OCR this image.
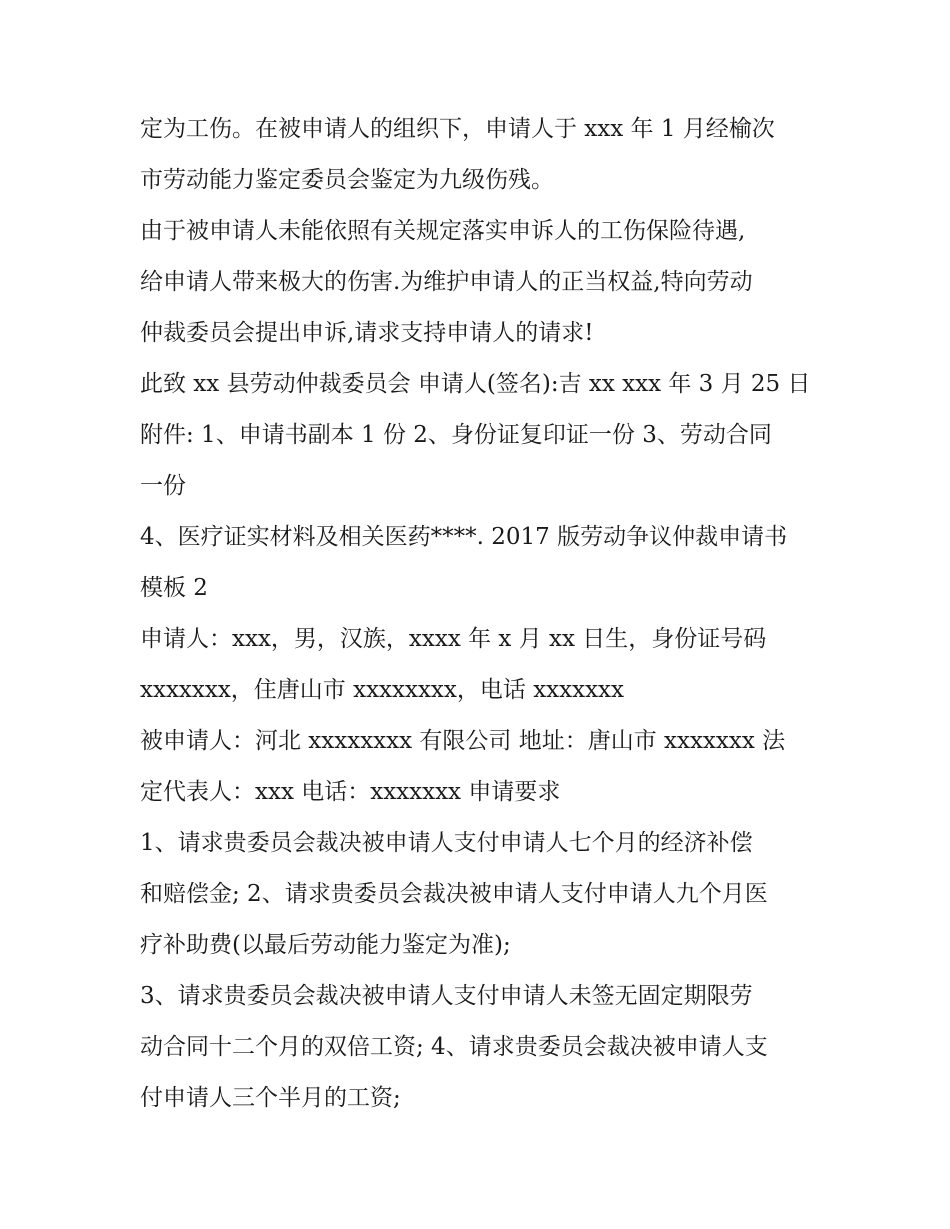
定为工伤。在被申请人的组织下，申请人于 xxx 年 1 月经榆次
市劳动能力鉴定委员会鉴定为九级伤残。
由于被申请人未能依照有关规定落实申诉人的工伤保险待遇,
给申请人带来极大的伤害.为维护申请人的正当权益,特向劳动
仲裁委员会提出申诉,请求支持申请人的请求!
此致 xx 县劳动仲裁委员会 申请人(签名):吉 xx xxx 年 3 月 25 日
附件: 1、申请书副本 1 份 2、身份证复印证一份 3、劳动合同
一份
4、医疗证实材料及相关医药****. 2017 版劳动争议仲裁申请书
模板 2
申请人：xxx，男，汉族，xxxx 年 x 月 xx 日生，身份证号码
xxxxxxx，住唐山市 xxxxxxxx，电话 xxxxxxx
被申请人：河北 xxxxxxxx 有限公司 地址：唐山市 xxxxxxx 法
定代表人：xxx 电话：xxxxxxx 申请要求
1、请求贵委员会裁决被申请人支付申请人七个月的经济补偿
和赔偿金; 2、请求贵委员会裁决被申请人支付申请人九个月医
疗补助费(以最后劳动能力鉴定为准);
3、请求贵委员会裁决被申请人支付申请人未签无固定期限劳
动合同十二个月的双倍工资; 4、请求贵委员会裁决被申请人支
付申请人三个半月的工资;
